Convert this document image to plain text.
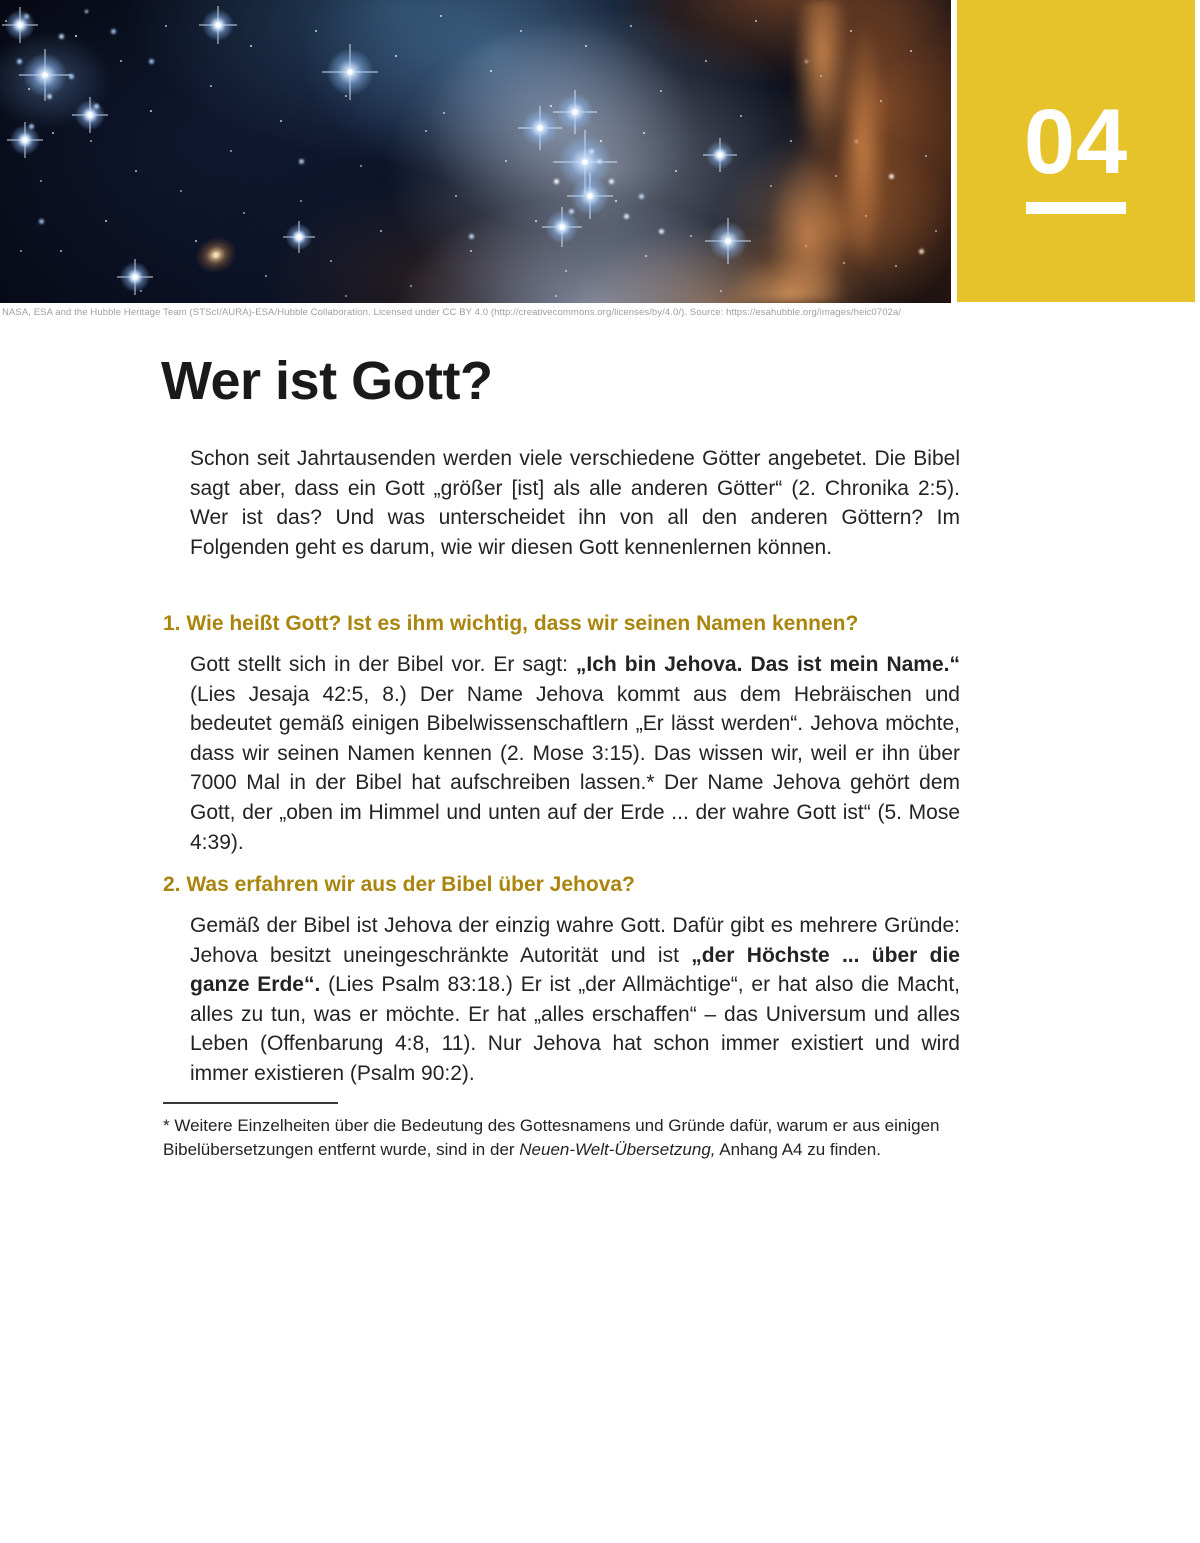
NASA, ESA and the Hubble Heritage Team (STScI/AURA)-ESA/Hubble Collaboration. Licensed under CC BY 4.0 (http://creativecommons.org/licenses/by/4.0/). Source: https://esahubble.org/images/heic0702a/
04
Wer ist Gott?

Schon seit Jahrtausenden werden viele verschiedene Götter angebetet. Die Bibel sagt aber, dass ein Gott „größer [ist] als alle anderen Götter“ (2. Chronika 2:5). Wer ist das? Und was unterscheidet ihn von all den anderen Göttern? Im Folgenden geht es darum, wie wir diesen Gott kennenlernen können.

1. Wie heißt Gott? Ist es ihm wichtig, dass wir seinen Namen kennen?

Gott stellt sich in der Bibel vor. Er sagt: „Ich bin Jehova. Das ist mein Name.“ (Lies Jesaja 42:5, 8.) Der Name Jehova kommt aus dem Hebräischen und bedeutet gemäß einigen Bibelwissenschaftlern „Er lässt werden“. Jehova möchte, dass wir seinen Namen kennen (2. Mose 3:15). Das wissen wir, weil er ihn über 7000 Mal in der Bibel hat aufschreiben lassen.* Der Name Jehova gehört dem Gott, der „oben im Himmel und unten auf der Erde ... der wahre Gott ist“ (5. Mose 4:39).

2. Was erfahren wir aus der Bibel über Jehova?

Gemäß der Bibel ist Jehova der einzig wahre Gott. Dafür gibt es mehrere Gründe: Jehova besitzt uneingeschränkte Autorität und ist „der Höchste ... über die ganze Erde“. (Lies Psalm 83:18.) Er ist „der Allmächtige“, er hat also die Macht, alles zu tun, was er möchte. Er hat „alles erschaffen“ – das Universum und alles Leben (Offenbarung 4:8, 11). Nur Jehova hat schon immer existiert und wird immer existieren (Psalm 90:2).

* Weitere Einzelheiten über die Bedeutung des Gottesnamens und Gründe dafür, warum er aus einigen Bibelübersetzungen entfernt wurde, sind in der Neuen-Welt-Übersetzung, Anhang A4 zu finden.
